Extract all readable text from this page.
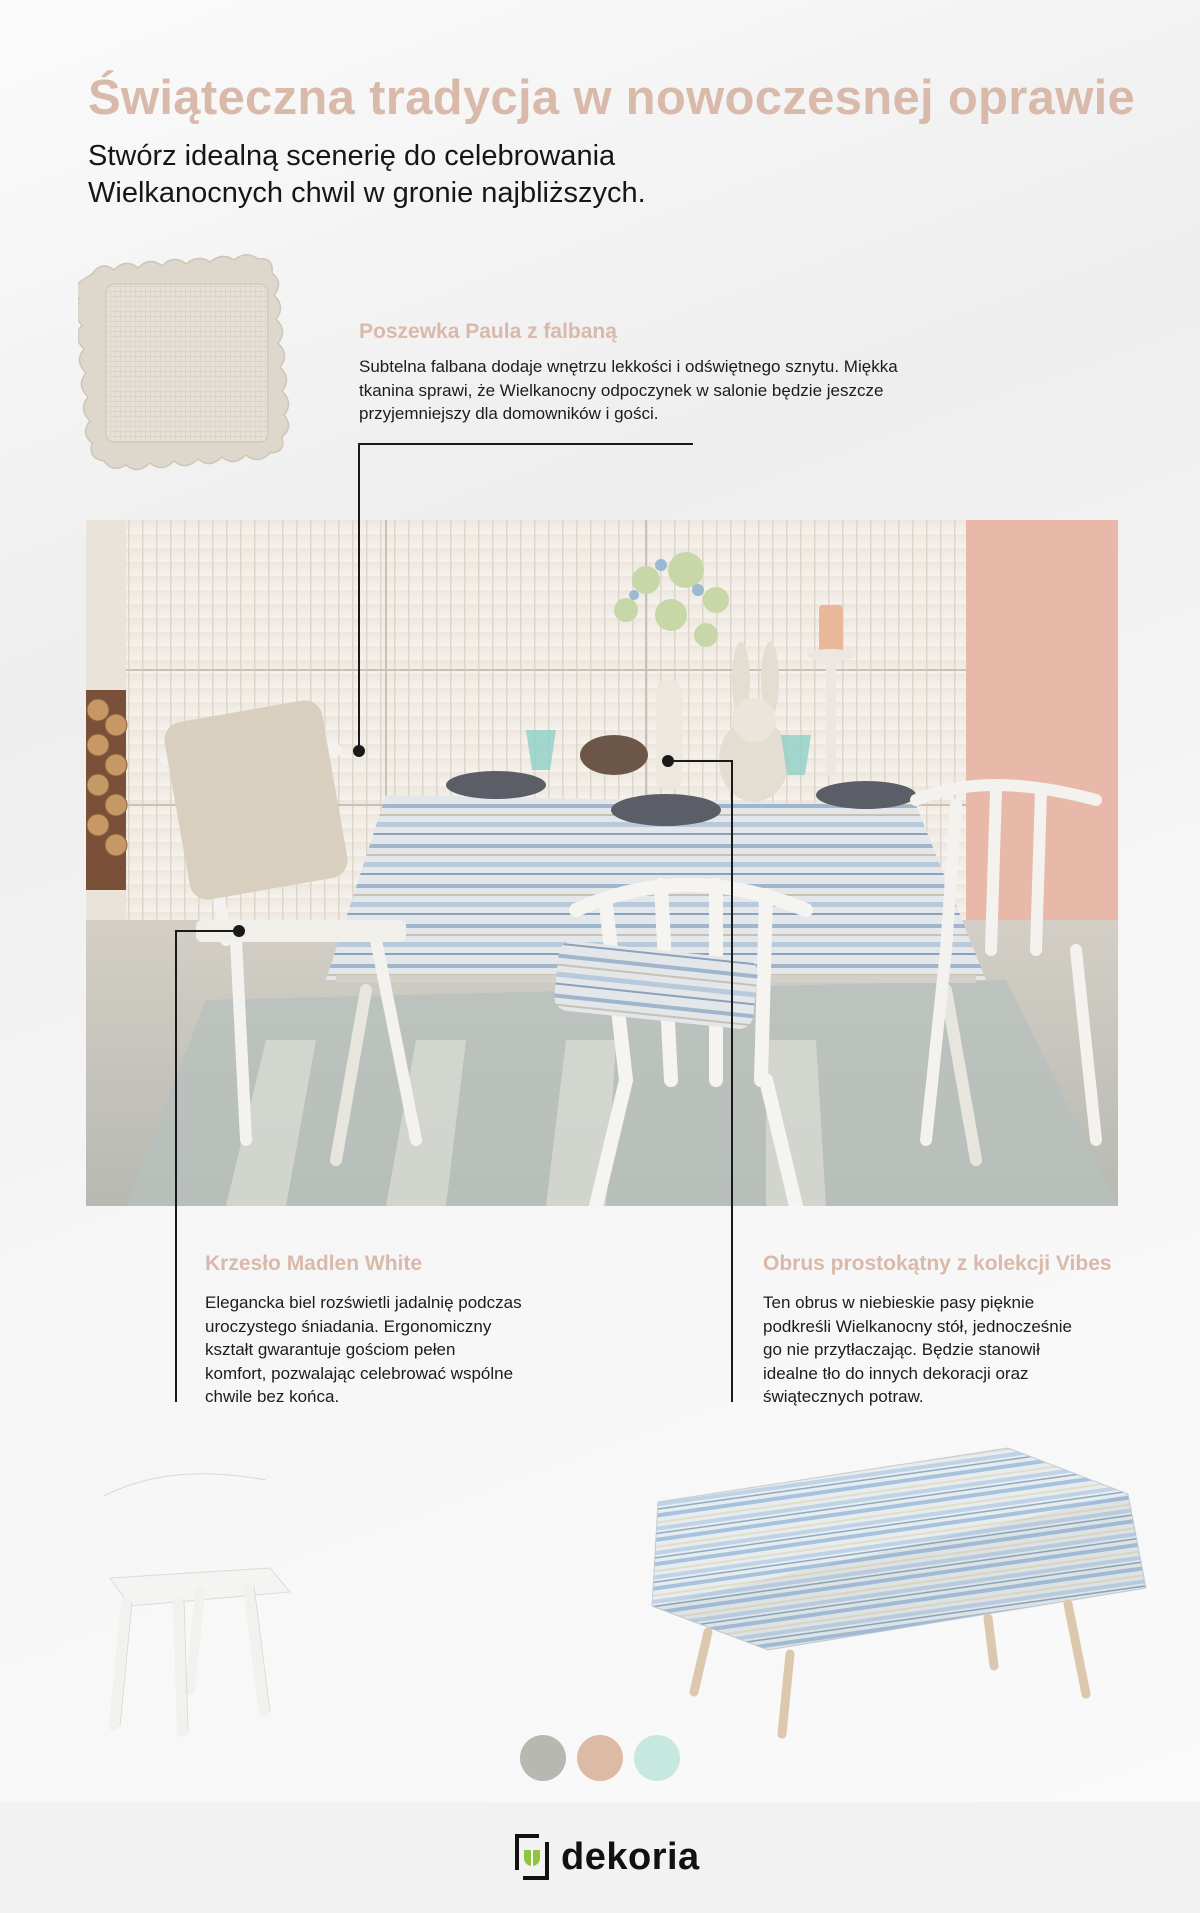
Świąteczna tradycja w nowoczesnej oprawie
Stwórz idealną scenerię do celebrowania
Wielkanocnych chwil w gronie najbliższych.
Poszewka Paula z falbaną
Subtelna falbana dodaje wnętrzu lekkości i odświętnego sznytu. Miękka
tkanina sprawi, że Wielkanocny odpoczynek w salonie będzie jeszcze
przyjemniejszy dla domowników i gości.
Krzesło Madlen White
Elegancka biel rozświetli jadalnię podczas
uroczystego śniadania. Ergonomiczny
kształt gwarantuje gościom pełen
komfort, pozwalając celebrować wspólne
chwile bez końca.
Obrus prostokątny z kolekcji Vibes
Ten obrus w niebieskie pasy pięknie
podkreśli Wielkanocny stół, jednocześnie
go nie przytłaczając. Będzie stanowił
idealne tło do innych dekoracji oraz
świątecznych potraw.
dekoria
